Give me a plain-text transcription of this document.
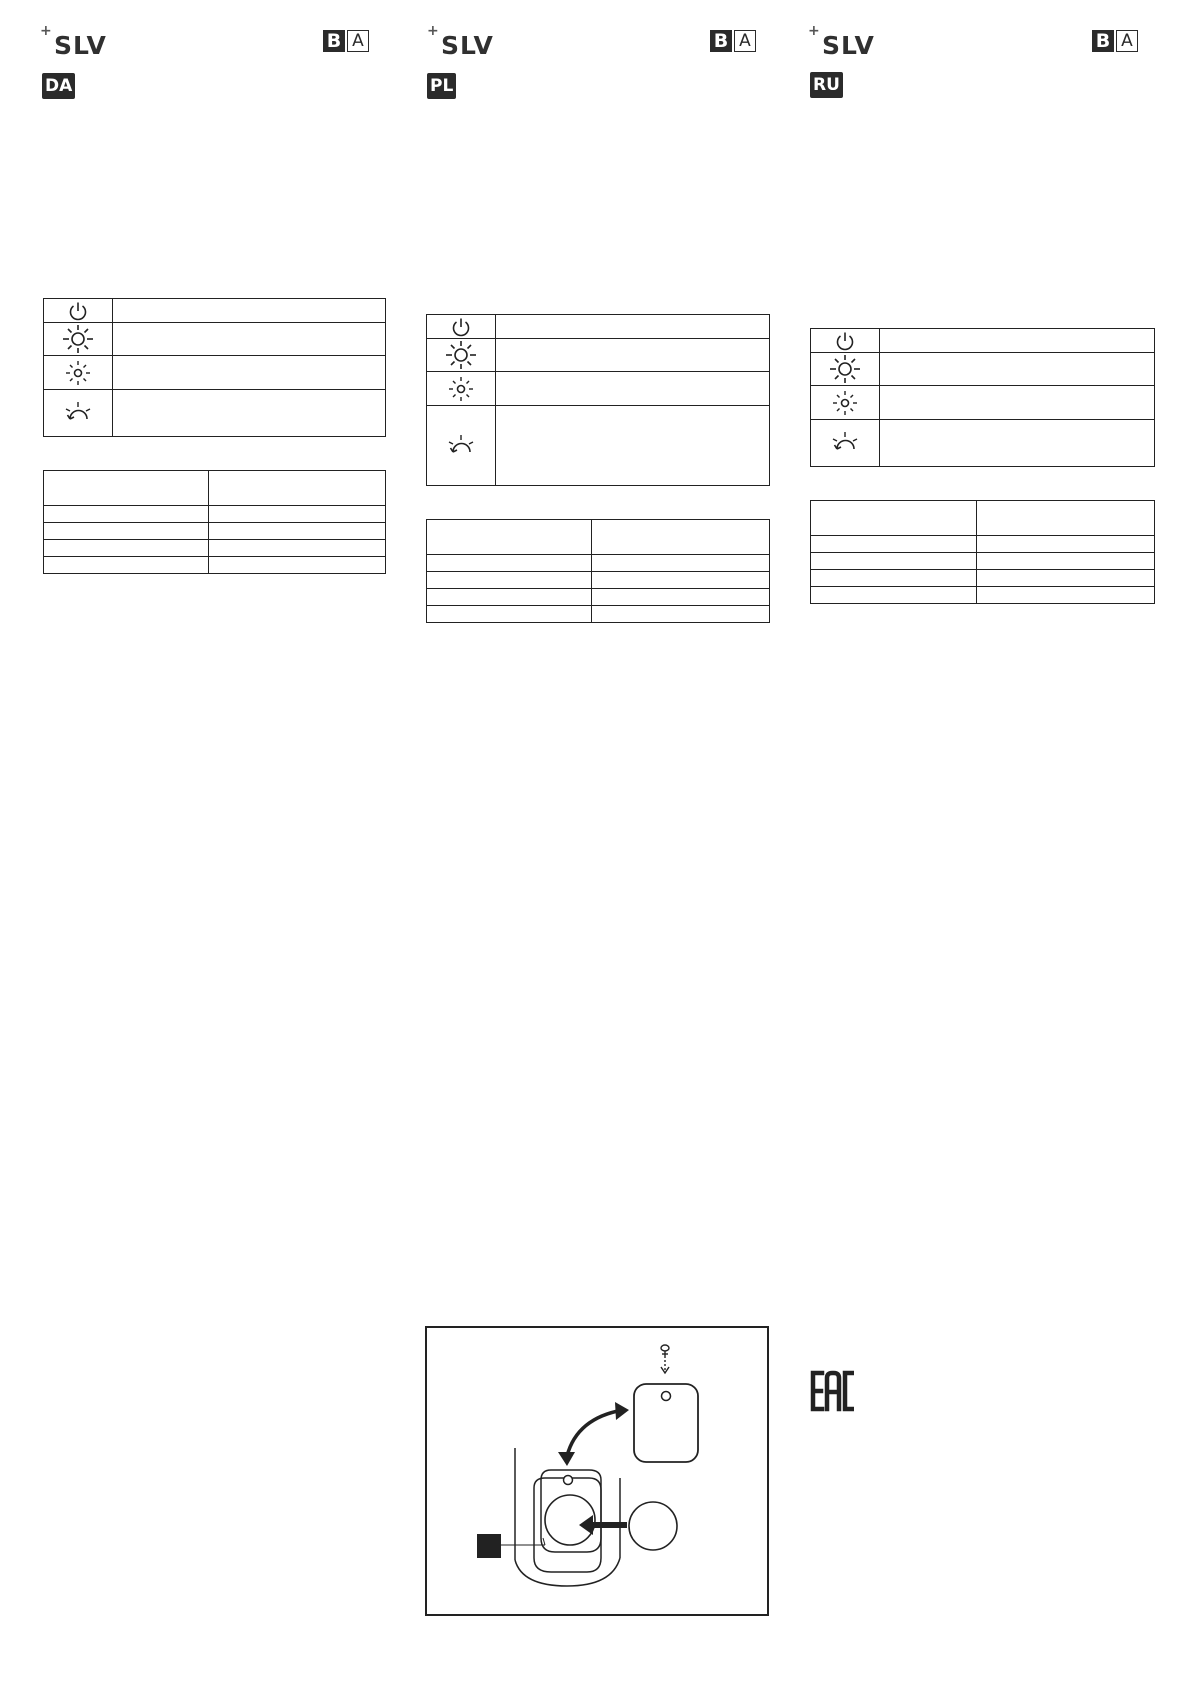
+ SLV	B A
DA

+ SLV	B A
PL

+ SLV	B A
RU
